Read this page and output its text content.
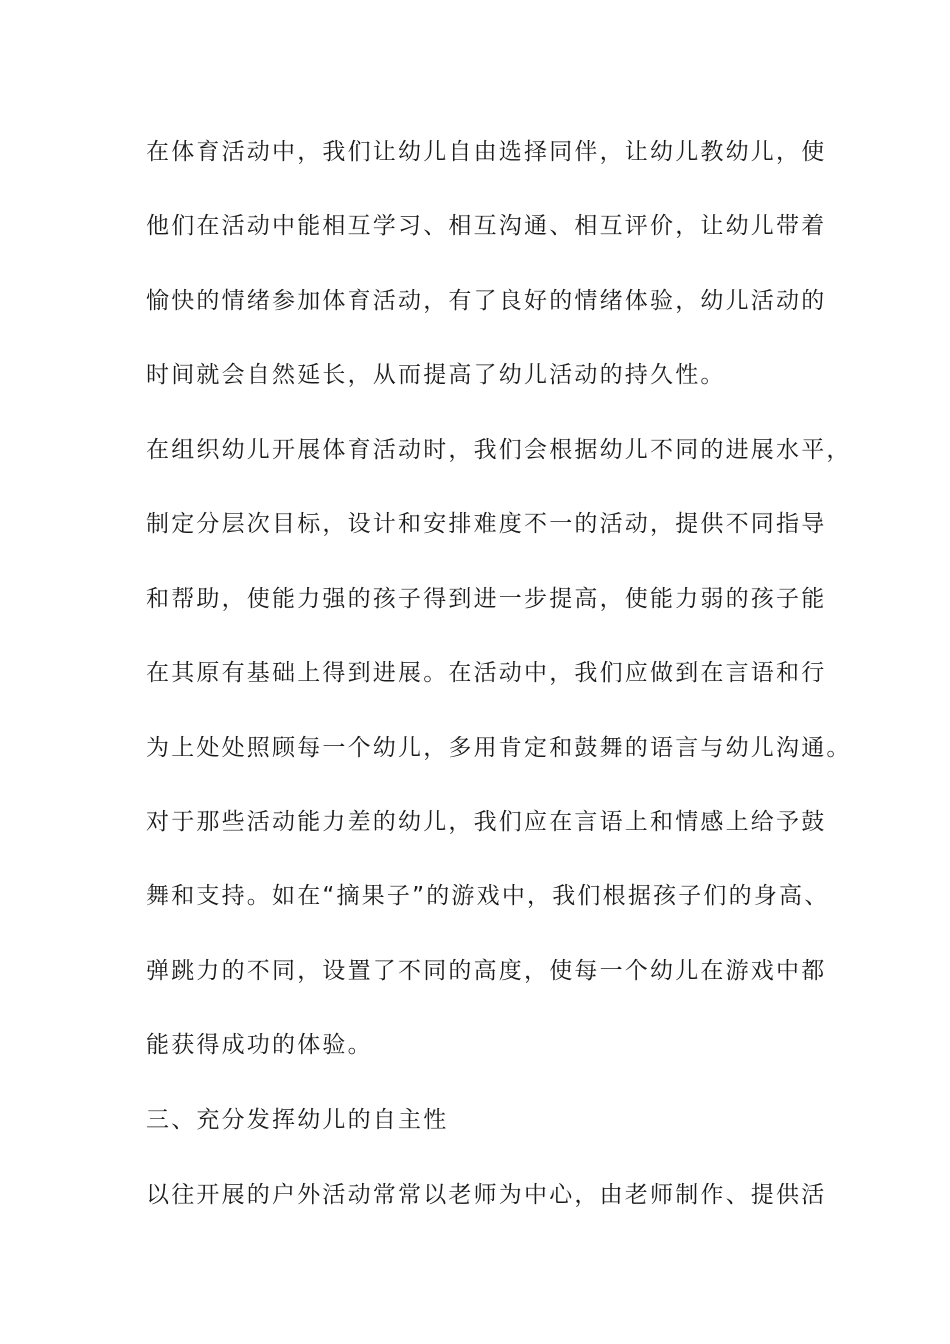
在体育活动中，我们让幼儿自由选择同伴，让幼儿教幼儿，使
他们在活动中能相互学习、相互沟通、相互评价，让幼儿带着
愉快的情绪参加体育活动，有了良好的情绪体验，幼儿活动的
时间就会自然延长，从而提高了幼儿活动的持久性。
在组织幼儿开展体育活动时，我们会根据幼儿不同的进展水平，
制定分层次目标，设计和安排难度不一的活动，提供不同指导
和帮助，使能力强的孩子得到进一步提高，使能力弱的孩子能
在其原有基础上得到进展。在活动中，我们应做到在言语和行
为上处处照顾每一个幼儿，多用肯定和鼓舞的语言与幼儿沟通。
对于那些活动能力差的幼儿，我们应在言语上和情感上给予鼓
舞和支持。如在“摘果子”的游戏中，我们根据孩子们的身高、
弹跳力的不同，设置了不同的高度，使每一个幼儿在游戏中都
能获得成功的体验。
三、充分发挥幼儿的自主性
以往开展的户外活动常常以老师为中心，由老师制作、提供活
